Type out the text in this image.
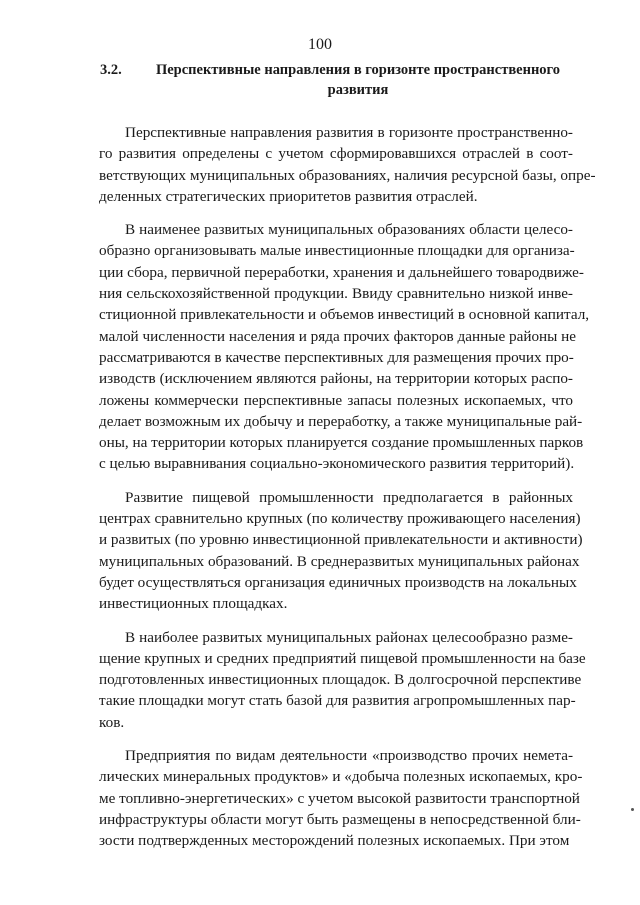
100
3.2.	Перспективные направления в горизонте пространственного
развития
Перспективные направления развития в горизонте пространственно-
го развития определены с учетом сформировавшихся отраслей в соот-
ветствующих муниципальных образованиях, наличия ресурсной базы, опре-
деленных стратегических приоритетов развития отраслей.
В наименее развитых муниципальных образованиях области целесо-
образно организовывать малые инвестиционные площадки для организа-
ции сбора, первичной переработки, хранения и дальнейшего товародвиже-
ния сельскохозяйственной продукции. Ввиду сравнительно низкой инве-
стиционной привлекательности и объемов инвестиций в основной капитал,
малой численности населения и ряда прочих факторов данные районы не
рассматриваются в качестве перспективных для размещения прочих про-
изводств (исключением являются районы, на территории которых распо-
ложены коммерчески перспективные запасы полезных ископаемых, что
делает возможным их добычу и переработку, а также муниципальные рай-
оны, на территории которых планируется создание промышленных парков
с целью выравнивания социально-экономического развития территорий).
Развитие пищевой промышленности предполагается в районных
центрах сравнительно крупных (по количеству проживающего населения)
и развитых (по уровню инвестиционной привлекательности и активности)
муниципальных образований. В среднеразвитых муниципальных районах
будет осуществляться организация единичных производств на локальных
инвестиционных площадках.
В наиболее развитых муниципальных районах целесообразно разме-
щение крупных и средних предприятий пищевой промышленности на базе
подготовленных инвестиционных площадок. В долгосрочной перспективе
такие площадки могут стать базой для развития агропромышленных пар-
ков.
Предприятия по видам деятельности «производство прочих немета-
лических минеральных продуктов» и «добыча полезных ископаемых, кро-
ме топливно-энергетических» с учетом высокой развитости транспортной
инфраструктуры области могут быть размещены в непосредственной бли-
зости подтвержденных месторождений полезных ископаемых. При этом
